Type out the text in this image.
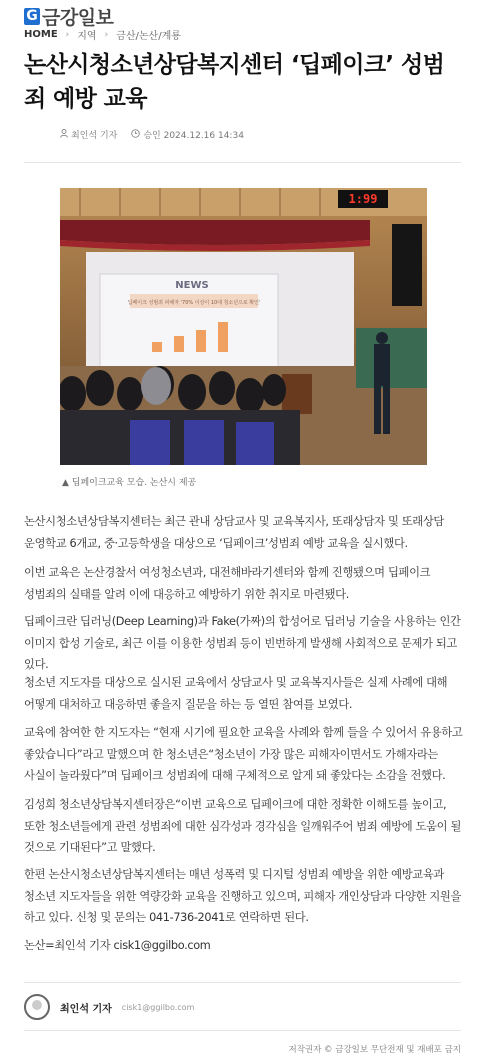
G 금강일보
HOME › 지역 › 금산/논산/계룡
논산시청소년상담복지센터 ‘딥페이크’ 성범죄 예방 교육
최인석 기자	승인 2024.12.16 14:34
1:99
NEWS
딥페이크 성범죄 피해자 '70% 이상이 10대 청소년으로 확인'
▲ 딥페이크교육 모습. 논산시 제공

논산시청소년상담복지센터는 최근 관내 상담교사 및 교육복지사, 또래상담자 및 또래상담 운영학교 6개교, 중·고등학생을 대상으로 ‘딥페이크’성범죄 예방 교육을 실시했다.

이번 교육은 논산경찰서 여성청소년과, 대전해바라기센터와 함께 진행됐으며 딥페이크 성범죄의 실태를 알려 이에 대응하고 예방하기 위한 취지로 마련됐다.

딥페이크란 딥러닝(Deep Learning)과 Fake(가짜)의 합성어로 딥러닝 기술을 사용하는 인간 이미지 합성 기술로, 최근 이를 이용한 성범죄 등이 빈번하게 발생해 사회적으로 문제가 되고 있다.

청소년 지도자를 대상으로 실시된 교육에서 상담교사 및 교육복지사들은 실제 사례에 대해 어떻게 대처하고 대응하면 좋을지 질문을 하는 등 열띤 참여를 보였다.

교육에 참여한 한 지도자는 “현재 시기에 필요한 교육을 사례와 함께 들을 수 있어서 유용하고 좋았습니다”라고 말했으며 한 청소년은“청소년이 가장 많은 피해자이면서도 가해자라는 사실이 놀라웠다”며 딥페이크 성범죄에 대해 구체적으로 알게 돼 좋았다는 소감을 전했다.

김성희 청소년상담복지센터장은“이번 교육으로 딥페이크에 대한 정확한 이해도를 높이고, 또한 청소년들에게 관련 성범죄에 대한 심각성과 경각심을 일깨워주어 범죄 예방에 도움이 될 것으로 기대된다”고 말했다.

한편 논산시청소년상담복지센터는 매년 성폭력 및 디지털 성범죄 예방을 위한 예방교육과 청소년 지도자들을 위한 역량강화 교육을 진행하고 있으며, 피해자 개인상담과 다양한 지원을 하고 있다. 신청 및 문의는 041-736-2041로 연락하면 된다.

논산=최인석 기자 cisk1@ggilbo.com

최인석 기자 cisk1@ggilbo.com
저작권자 © 금강일보 무단전재 및 재배포 금지
